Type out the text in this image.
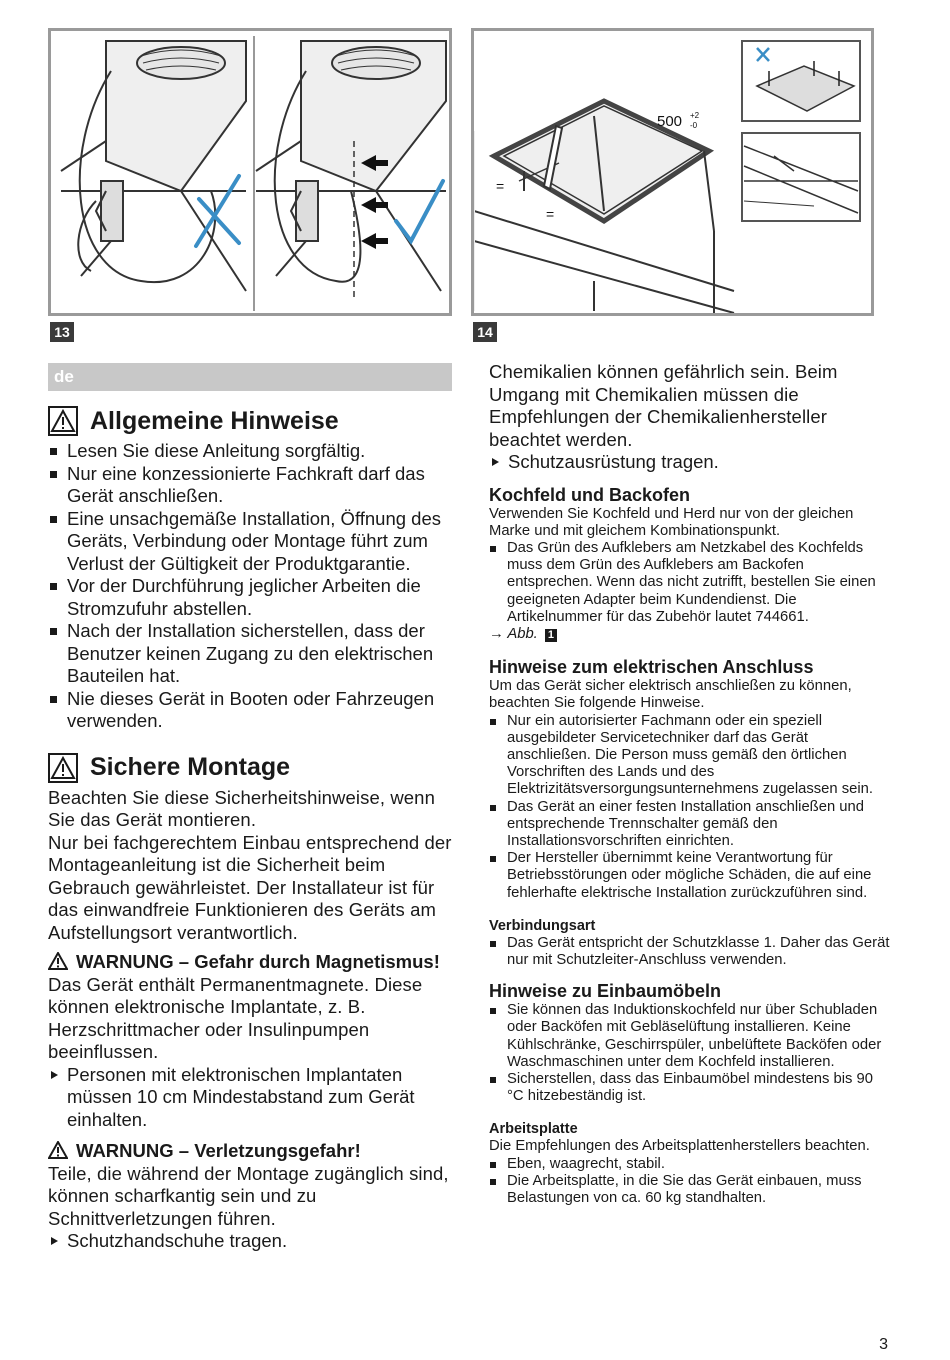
13
500 +2
-0
=
=
14
de
Allgemeine Hinweise
Lesen Sie diese Anleitung sorgfältig.
Nur eine konzessionierte Fachkraft darf das Gerät anschließen.
Eine unsachgemäße Installation, Öffnung des Geräts, Verbindung oder Montage führt zum Verlust der Gültigkeit der Produktgarantie.
Vor der Durchführung jeglicher Arbeiten die Stromzufuhr abstellen.
Nach der Installation sicherstellen, dass der Benutzer keinen Zugang zu den elektrischen Bauteilen hat.
Nie dieses Gerät in Booten oder Fahrzeugen verwenden.
Sichere Montage

Beachten Sie diese Sicherheitshinweise, wenn Sie das Gerät montieren.

Nur bei fachgerechtem Einbau entsprechend der Montageanleitung ist die Sicherheit beim Gebrauch gewährleistet. Der Installateur ist für das einwandfreie Funktionieren des Geräts am Aufstellungsort verantwortlich.

WARNUNG – Gefahr durch Magnetismus!

Das Gerät enthält Permanentmagnete. Diese können elektronische Implantate, z. B. Herzschrittmacher oder Insulinpumpen beeinflussen.

Personen mit elektronischen Implantaten müssen 10 cm Mindestabstand zum Gerät einhalten.
WARNUNG – Verletzungsgefahr!

Teile, die während der Montage zugänglich sind, können scharfkantig sein und zu Schnittverletzungen führen.

Schutzhandschuhe tragen.

Chemikalien können gefährlich sein. Beim Umgang mit Chemikalien müssen die Empfehlungen der Chemikalienhersteller beachtet werden.

Schutzausrüstung tragen.
Kochfeld und Backofen

Verwenden Sie Kochfeld und Herd nur von der gleichen Marke und mit gleichem Kombinationspunkt.

Das Grün des Aufklebers am Netzkabel des Kochfelds muss dem Grün des Aufklebers am Backofen entsprechen. Wenn das nicht zutrifft, bestellen Sie einen geeigneten Adapter beim Kundendienst. Die Artikelnummer für das Zubehör lautet 744661.

→ Abb. 1

Hinweise zum elektrischen Anschluss

Um das Gerät sicher elektrisch anschließen zu können, beachten Sie folgende Hinweise.

Nur ein autorisierter Fachmann oder ein speziell ausgebildeter Servicetechniker darf das Gerät anschließen. Die Person muss gemäß den örtlichen Vorschriften des Lands und des Elektrizitätsversorgungsunternehmens zugelassen sein.
Das Gerät an einer festen Installation anschließen und entsprechende Trennschalter gemäß den Installationsvorschriften einrichten.
Der Hersteller übernimmt keine Verantwortung für Betriebsstörungen oder mögliche Schäden, die auf eine fehlerhafte elektrische Installation zurückzuführen sind.
Verbindungsart
Das Gerät entspricht der Schutzklasse 1. Daher das Gerät nur mit Schutzleiter-Anschluss verwenden.
Hinweise zu Einbaumöbeln
Sie können das Induktionskochfeld nur über Schubladen oder Backöfen mit Gebläselüftung installieren. Keine Kühlschränke, Geschirrspüler, unbelüftete Backöfen oder Waschmaschinen unter dem Kochfeld installieren.
Sicherstellen, dass das Einbaumöbel mindestens bis 90 °C hitzebeständig ist.
Arbeitsplatte

Die Empfehlungen des Arbeitsplattenherstellers beachten.

Eben, waagrecht, stabil.
Die Arbeitsplatte, in die Sie das Gerät einbauen, muss Belastungen von ca. 60 kg standhalten.
3
